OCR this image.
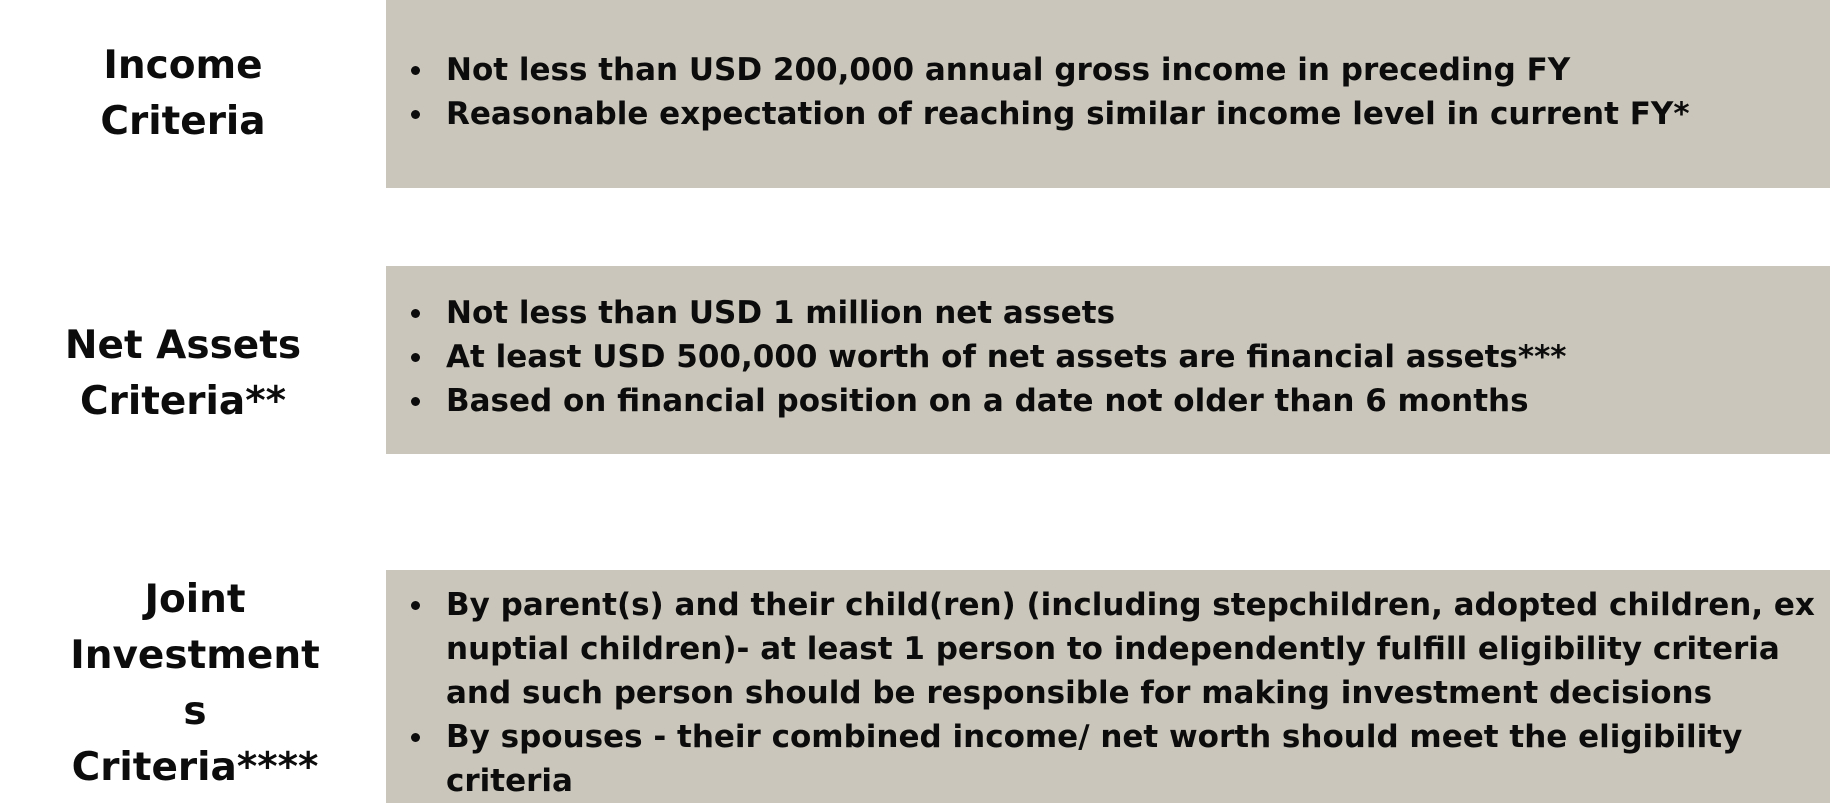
Income
Criteria
Not less than USD 200,000 annual gross income in preceding FY
Reasonable expectation of reaching similar income level in current FY*
Net Assets
Criteria**
Not less than USD 1 million net assets
At least USD 500,000 worth of net assets are financial assets***
Based on financial position on a date not older than 6 months
Joint
Investment
s
Criteria****
By parent(s) and their child(ren) (including stepchildren, adopted children, ex nuptial children)- at least 1 person to independently fulfill eligibility criteria and such person should be responsible for making investment decisions
By spouses - their combined income/ net worth should meet the eligibility criteria
